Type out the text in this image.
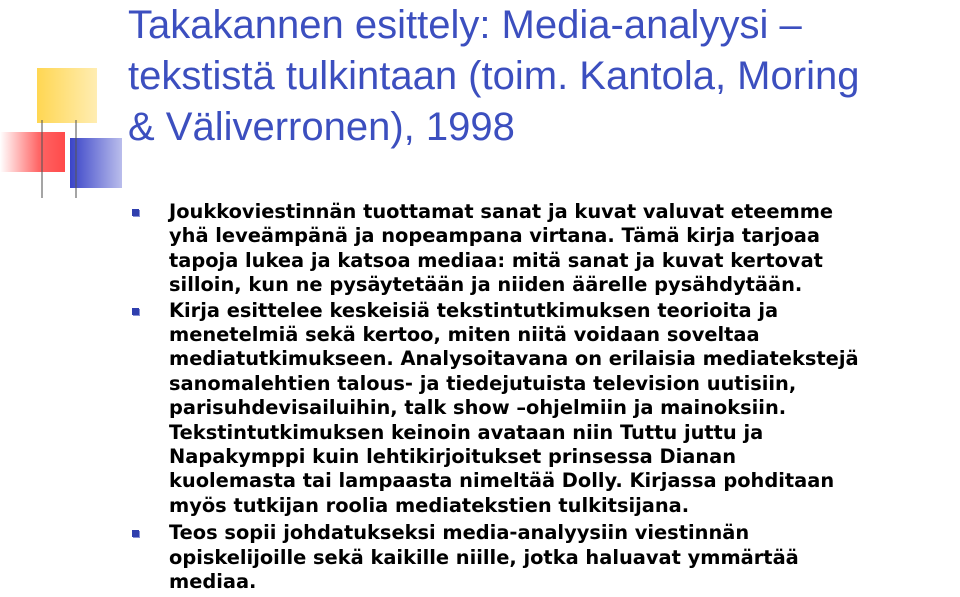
Takakannen esittely: Media-analyysi –
tekstistä tulkintaan (toim. Kantola, Moring
& Väliverronen), 1998
Joukkoviestinnän tuottamat sanat ja kuvat valuvat eteemme
yhä leveämpänä ja nopeampana virtana. Tämä kirja tarjoaa
tapoja lukea ja katsoa mediaa: mitä sanat ja kuvat kertovat
silloin, kun ne pysäytetään ja niiden äärelle pysähdytään.
Kirja esittelee keskeisiä tekstintutkimuksen teorioita ja
menetelmiä sekä kertoo, miten niitä voidaan soveltaa
mediatutkimukseen. Analysoitavana on erilaisia mediatekstejä
sanomalehtien talous- ja tiedejutuista television uutisiin,
parisuhdevisailuihin, talk show –ohjelmiin ja mainoksiin.
Tekstintutkimuksen keinoin avataan niin Tuttu juttu ja
Napakymppi kuin lehtikirjoitukset prinsessa Dianan
kuolemasta tai lampaasta nimeltää Dolly. Kirjassa pohditaan
myös tutkijan roolia mediatekstien tulkitsijana.
Teos sopii johdatukseksi media-analyysiin viestinnän
opiskelijoille sekä kaikille niille, jotka haluavat ymmärtää
mediaa.
